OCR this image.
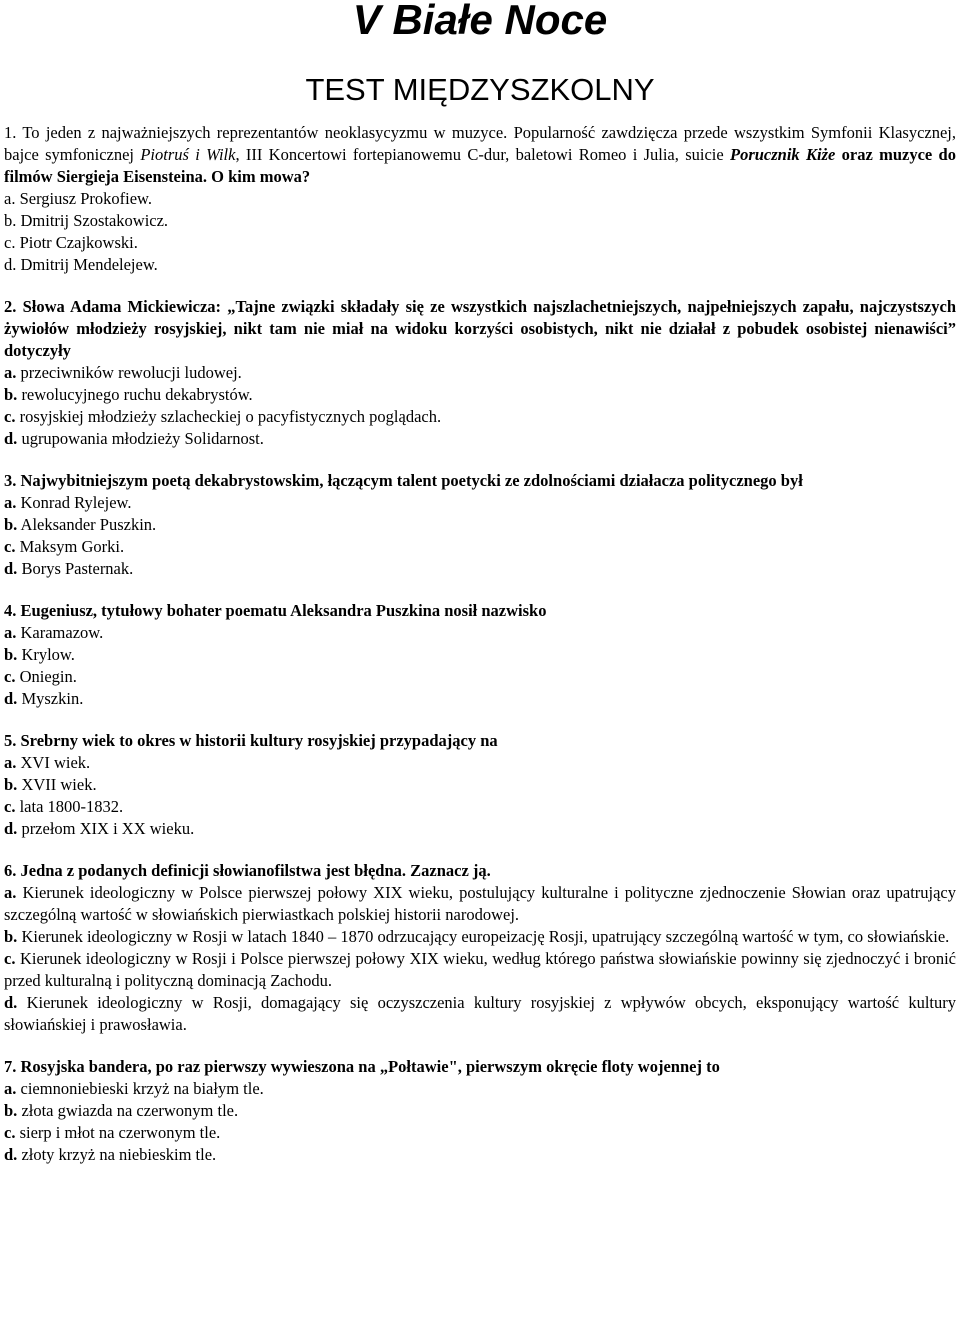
V Białe Noce
TEST MIĘDZYSZKOLNY

1. To jeden z najważniejszych reprezentantów neoklasycyzmu w muzyce. Popularność zawdzięcza przede wszystkim Symfonii Klasycznej, bajce symfonicznej Piotruś i Wilk, III Koncertowi fortepianowemu C-dur, baletowi Romeo i Julia, suicie Porucznik Kiże oraz muzyce do filmów Siergieja Eisensteina. O kim mowa?

a. Sergiusz Prokofiew.

b. Dmitrij Szostakowicz.

c. Piotr Czajkowski.

d. Dmitrij Mendelejew.

2. Słowa Adama Mickiewicza: „Tajne związki składały się ze wszystkich najszlachetniejszych, najpełniejszych zapału, najczystszych żywiołów młodzieży rosyjskiej, nikt tam nie miał na widoku korzyści osobistych, nikt nie działał z pobudek osobistej nienawiści” dotyczyły

a. przeciwników rewolucji ludowej.

b. rewolucyjnego ruchu dekabrystów.

c. rosyjskiej młodzieży szlacheckiej o pacyfistycznych poglądach.

d. ugrupowania młodzieży Solidarnost.

3. Najwybitniejszym poetą dekabrystowskim, łączącym talent poetycki ze zdolnościami działacza politycznego był

a. Konrad Rylejew.

b. Aleksander Puszkin.

c. Maksym Gorki.

d. Borys Pasternak.

4. Eugeniusz, tytułowy bohater poematu Aleksandra Puszkina nosił nazwisko

a. Karamazow.

b. Krylow.

c. Oniegin.

d. Myszkin.

5. Srebrny wiek to okres w historii kultury rosyjskiej przypadający na

a. XVI wiek.

b. XVII wiek.

c. lata 1800-1832.

d. przełom XIX i XX wieku.

6. Jedna z podanych definicji słowianofilstwa jest błędna. Zaznacz ją.

a. Kierunek ideologiczny w Polsce pierwszej połowy XIX wieku, postulujący kulturalne i polityczne zjednoczenie Słowian oraz upatrujący szczególną wartość w słowiańskich pierwiastkach polskiej historii narodowej.

b. Kierunek ideologiczny w Rosji w latach 1840 – 1870 odrzucający europeizację Rosji, upatrujący szczególną wartość w tym, co słowiańskie.

c. Kierunek ideologiczny w Rosji i Polsce pierwszej połowy XIX wieku, według którego państwa słowiańskie powinny się zjednoczyć i bronić przed kulturalną i polityczną dominacją Zachodu.

d. Kierunek ideologiczny w Rosji, domagający się oczyszczenia kultury rosyjskiej z wpływów obcych, eksponujący wartość kultury słowiańskiej i prawosławia.

7. Rosyjska bandera, po raz pierwszy wywieszona na „Połtawie", pierwszym okręcie floty wojennej to

a. ciemnoniebieski krzyż na białym tle.

b. złota gwiazda na czerwonym tle.

c. sierp i młot na czerwonym tle.

d. złoty krzyż na niebieskim tle.
